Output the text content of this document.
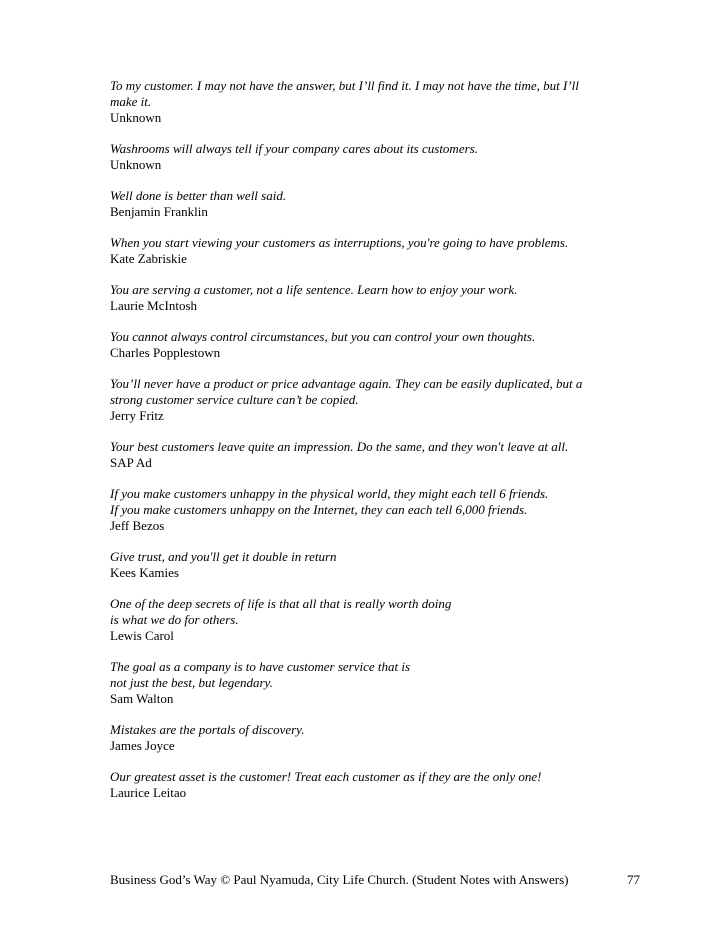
To my customer. I may not have the answer, but I’ll find it. I may not have the time, but I’ll
make it.
Unknown
Washrooms will always tell if your company cares about its customers.
Unknown
Well done is better than well said.
Benjamin Franklin
When you start viewing your customers as interruptions, you're going to have problems.
Kate Zabriskie
You are serving a customer, not a life sentence. Learn how to enjoy your work.
Laurie McIntosh
You cannot always control circumstances, but you can control your own thoughts.
Charles Popplestown
You’ll never have a product or price advantage again. They can be easily duplicated, but a
strong customer service culture can’t be copied.
Jerry Fritz
Your best customers leave quite an impression. Do the same, and they won't leave at all.
SAP Ad
If you make customers unhappy in the physical world, they might each tell 6 friends.
If you make customers unhappy on the Internet, they can each tell 6,000 friends.
Jeff Bezos
Give trust, and you'll get it double in return
Kees Kamies
One of the deep secrets of life is that all that is really worth doing
is what we do for others.
Lewis Carol
The goal as a company is to have customer service that is
not just the best, but legendary.
Sam Walton
Mistakes are the portals of discovery.
James Joyce
Our greatest asset is the customer! Treat each customer as if they are the only one!
Laurice Leitao
Business God’s Way © Paul Nyamuda, City Life Church. (Student Notes with Answers)	77
